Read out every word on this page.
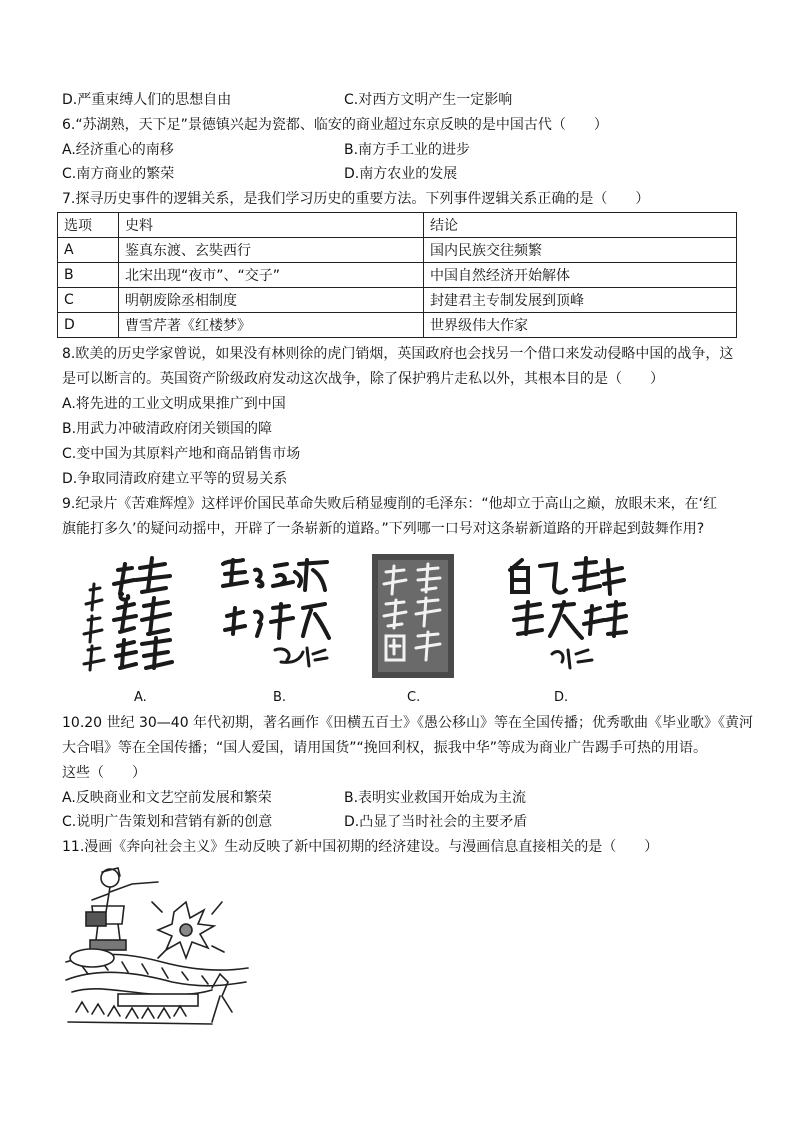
D.严重束缚人们的思想自由	C.对西方文明产生一定影响
6.“苏湖熟，天下足”景德镇兴起为瓷都、临安的商业超过东京反映的是中国古代（　　）
A.经济重心的南移	B.南方手工业的进步
C.南方商业的繁荣	D.南方农业的发展
7.探寻历史事件的逻辑关系，是我们学习历史的重要方法。下列事件逻辑关系正确的是（　　）
选项	史料	结论
A	鉴真东渡、玄奘西行	国内民族交往频繁
B	北宋出现“夜市”、“交子”	中国自然经济开始解体
C	明朝废除丞相制度	封建君主专制发展到顶峰
D	曹雪芹著《红楼梦》	世界级伟大作家
8.欧美的历史学家曾说，如果没有林则徐的虎门销烟，英国政府也会找另一个借口来发动侵略中国的战争，这
是可以断言的。英国资产阶级政府发动这次战争，除了保护鸦片走私以外，其根本目的是（　　）
A.将先进的工业文明成果推广到中国
B.用武力冲破清政府闭关锁国的障
C.变中国为其原料产地和商品销售市场
D.争取同清政府建立平等的贸易关系
9.纪录片《苦难辉煌》这样评价国民革命失败后稍显瘦削的毛泽东：“他却立于高山之巅，放眼未来，在‘红
旗能打多久’的疑问动摇中，开辟了一条崭新的道路。”下列哪一口号对这条崭新道路的开辟起到鼓舞作用?
A.	B.	C.	D.
10.20 世纪 30—40 年代初期，著名画作《田横五百士》《愚公移山》等在全国传播；优秀歌曲《毕业歌》《黄河
大合唱》等在全国传播；“国人爱国，请用国货”“挽回利权，振我中华”等成为商业广告踢手可热的用语。
这些（　　）
A.反映商业和文艺空前发展和繁荣	B.表明实业救国开始成为主流
C.说明广告策划和营销有新的创意	D.凸显了当时社会的主要矛盾
11.漫画《奔向社会主义》生动反映了新中国初期的经济建设。与漫画信息直接相关的是（　　）
